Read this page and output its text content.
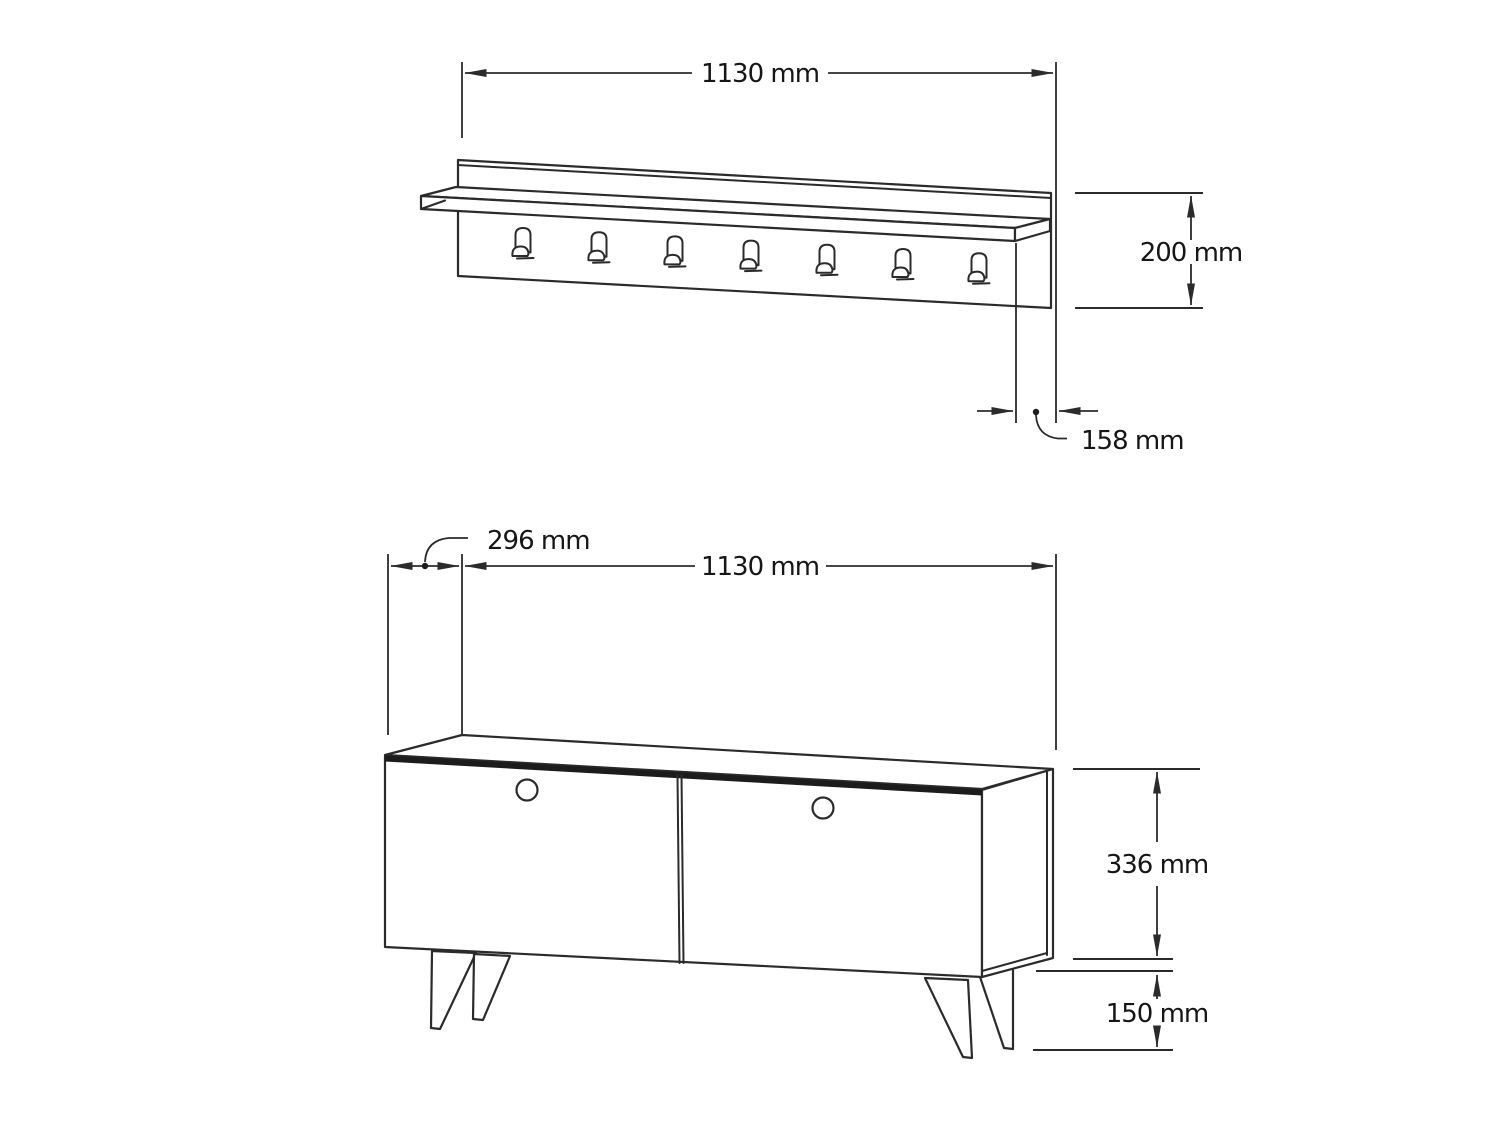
1130 mm
200 mm
158 mm
296 mm
1130 mm
336 mm
150 mm
